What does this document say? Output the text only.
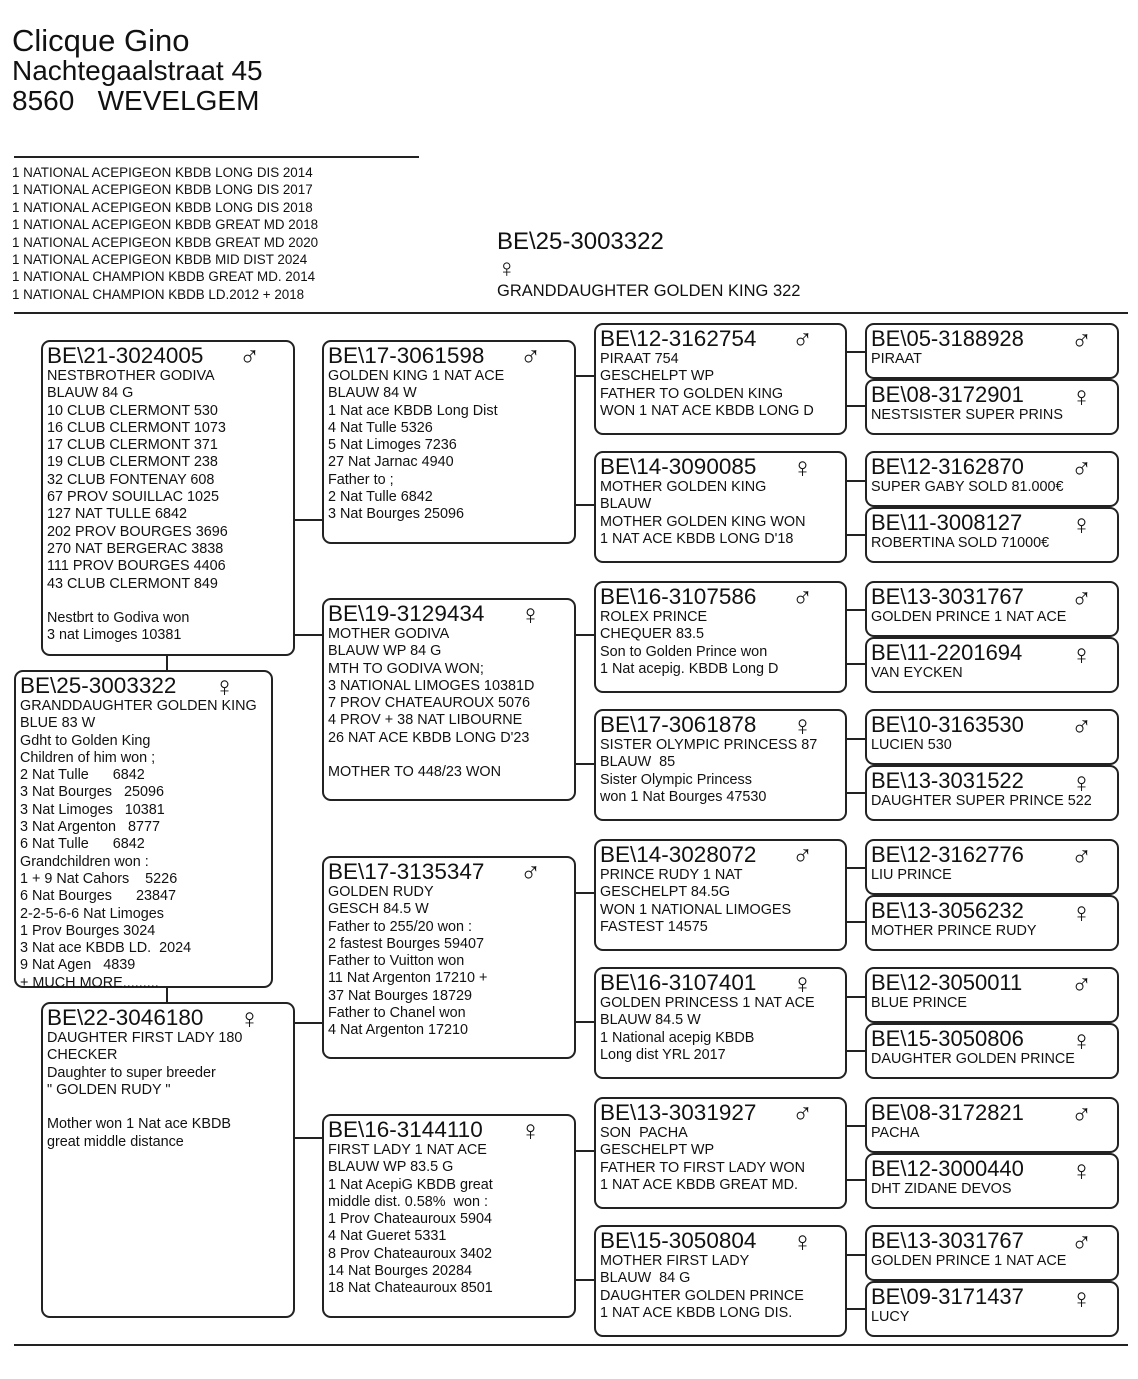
Clicque Gino
Nachtegaalstraat 45
8560   WEVELGEM
1 NATIONAL ACEPIGEON KBDB LONG DIS 2014
1 NATIONAL ACEPIGEON KBDB LONG DIS 2017
1 NATIONAL ACEPIGEON KBDB LONG DIS 2018
1 NATIONAL ACEPIGEON KBDB GREAT MD 2018
1 NATIONAL ACEPIGEON KBDB GREAT MD 2020
1 NATIONAL ACEPIGEON KBDB MID DIST 2024
1 NATIONAL CHAMPION KBDB GREAT MD. 2014
1 NATIONAL CHAMPION KBDB LD.2012 + 2018
BE\25-3003322
♀
GRANDDAUGHTER GOLDEN KING 322
BE\21-3024005	♂
NESTBROTHER GODIVA
BLAUW 84 G
10 CLUB CLERMONT 530
16 CLUB CLERMONT 1073
17 CLUB CLERMONT 371
19 CLUB CLERMONT 238
32 CLUB FONTENAY 608
67 PROV SOUILLAC 1025
127 NAT TULLE 6842
202 PROV BOURGES 3696
270 NAT BERGERAC 3838
111 PROV BOURGES 4406
43 CLUB CLERMONT 849
Nestbrt to Godiva won
3 nat Limoges 10381
BE\25-3003322	♀
GRANDDAUGHTER GOLDEN KING
BLUE 83 W
Gdht to Golden King
Children of him won ;
2 Nat Tulle      6842
3 Nat Bourges   25096
3 Nat Limoges   10381
3 Nat Argenton   8777
6 Nat Tulle      6842
Grandchildren won :
1 + 9 Nat Cahors    5226
6 Nat Bourges      23847
2-2-5-6-6 Nat Limoges
1 Prov Bourges 3024
3 Nat ace KBDB LD.  2024
9 Nat Agen   4839
+ MUCH MORE.........
BE\22-3046180	♀
DAUGHTER FIRST LADY 180
CHECKER
Daughter to super breeder
" GOLDEN RUDY "
Mother won 1 Nat ace KBDB
great middle distance
BE\17-3061598	♂
GOLDEN KING 1 NAT ACE
BLAUW 84 W
1 Nat ace KBDB Long Dist
4 Nat Tulle 5326
5 Nat Limoges 7236
27 Nat Jarnac 4940
Father to ;
2 Nat Tulle 6842
3 Nat Bourges 25096
BE\19-3129434	♀
MOTHER GODIVA
BLAUW WP 84 G
MTH TO GODIVA WON;
3 NATIONAL LIMOGES 10381D
7 PROV CHATEAUROUX 5076
4 PROV + 38 NAT LIBOURNE
26 NAT ACE KBDB LONG D'23
MOTHER TO 448/23 WON
BE\17-3135347	♂
GOLDEN RUDY
GESCH 84.5 W
Father to 255/20 won :
2 fastest Bourges 59407
Father to Vuitton won
11 Nat Argenton 17210 +
37 Nat Bourges 18729
Father to Chanel won
4 Nat Argenton 17210
BE\16-3144110	♀
FIRST LADY 1 NAT ACE
BLAUW WP 83.5 G
1 Nat AcepiG KBDB great
middle dist. 0.58%  won :
1 Prov Chateauroux 5904
4 Nat Gueret 5331
8 Prov Chateauroux 3402
14 Nat Bourges 20284
18 Nat Chateauroux 8501
BE\12-3162754	♂
PIRAAT 754
GESCHELPT WP
FATHER TO GOLDEN KING
WON 1 NAT ACE KBDB LONG D
BE\14-3090085	♀
MOTHER GOLDEN KING
BLAUW
MOTHER GOLDEN KING WON
1 NAT ACE KBDB LONG D'18
BE\16-3107586	♂
ROLEX PRINCE
CHEQUER 83.5
Son to Golden Prince won
1 Nat acepig. KBDB Long D
BE\17-3061878	♀
SISTER OLYMPIC PRINCESS 87
BLAUW  85
Sister Olympic Princess
won 1 Nat Bourges 47530
BE\14-3028072	♂
PRINCE RUDY 1 NAT
GESCHELPT 84.5G
WON 1 NATIONAL LIMOGES
FASTEST 14575
BE\16-3107401	♀
GOLDEN PRINCESS 1 NAT ACE
BLAUW 84.5 W
1 National acepig KBDB
Long dist YRL 2017
BE\13-3031927	♂
SON  PACHA
GESCHELPT WP
FATHER TO FIRST LADY WON
1 NAT ACE KBDB GREAT MD.
BE\15-3050804	♀
MOTHER FIRST LADY
BLAUW  84 G
DAUGHTER GOLDEN PRINCE
1 NAT ACE KBDB LONG DIS.
BE\05-3188928	♂
PIRAAT
BE\08-3172901	♀
NESTSISTER SUPER PRINS
BE\12-3162870	♂
SUPER GABY SOLD 81.000€
BE\11-3008127	♀
ROBERTINA SOLD 71000€
BE\13-3031767	♂
GOLDEN PRINCE 1 NAT ACE
BE\11-2201694	♀
VAN EYCKEN
BE\10-3163530	♂
LUCIEN 530
BE\13-3031522	♀
DAUGHTER SUPER PRINCE 522
BE\12-3162776	♂
LIU PRINCE
BE\13-3056232	♀
MOTHER PRINCE RUDY
BE\12-3050011	♂
BLUE PRINCE
BE\15-3050806	♀
DAUGHTER GOLDEN PRINCE
BE\08-3172821	♂
PACHA
BE\12-3000440	♀
DHT ZIDANE DEVOS
BE\13-3031767	♂
GOLDEN PRINCE 1 NAT ACE
BE\09-3171437	♀
LUCY
